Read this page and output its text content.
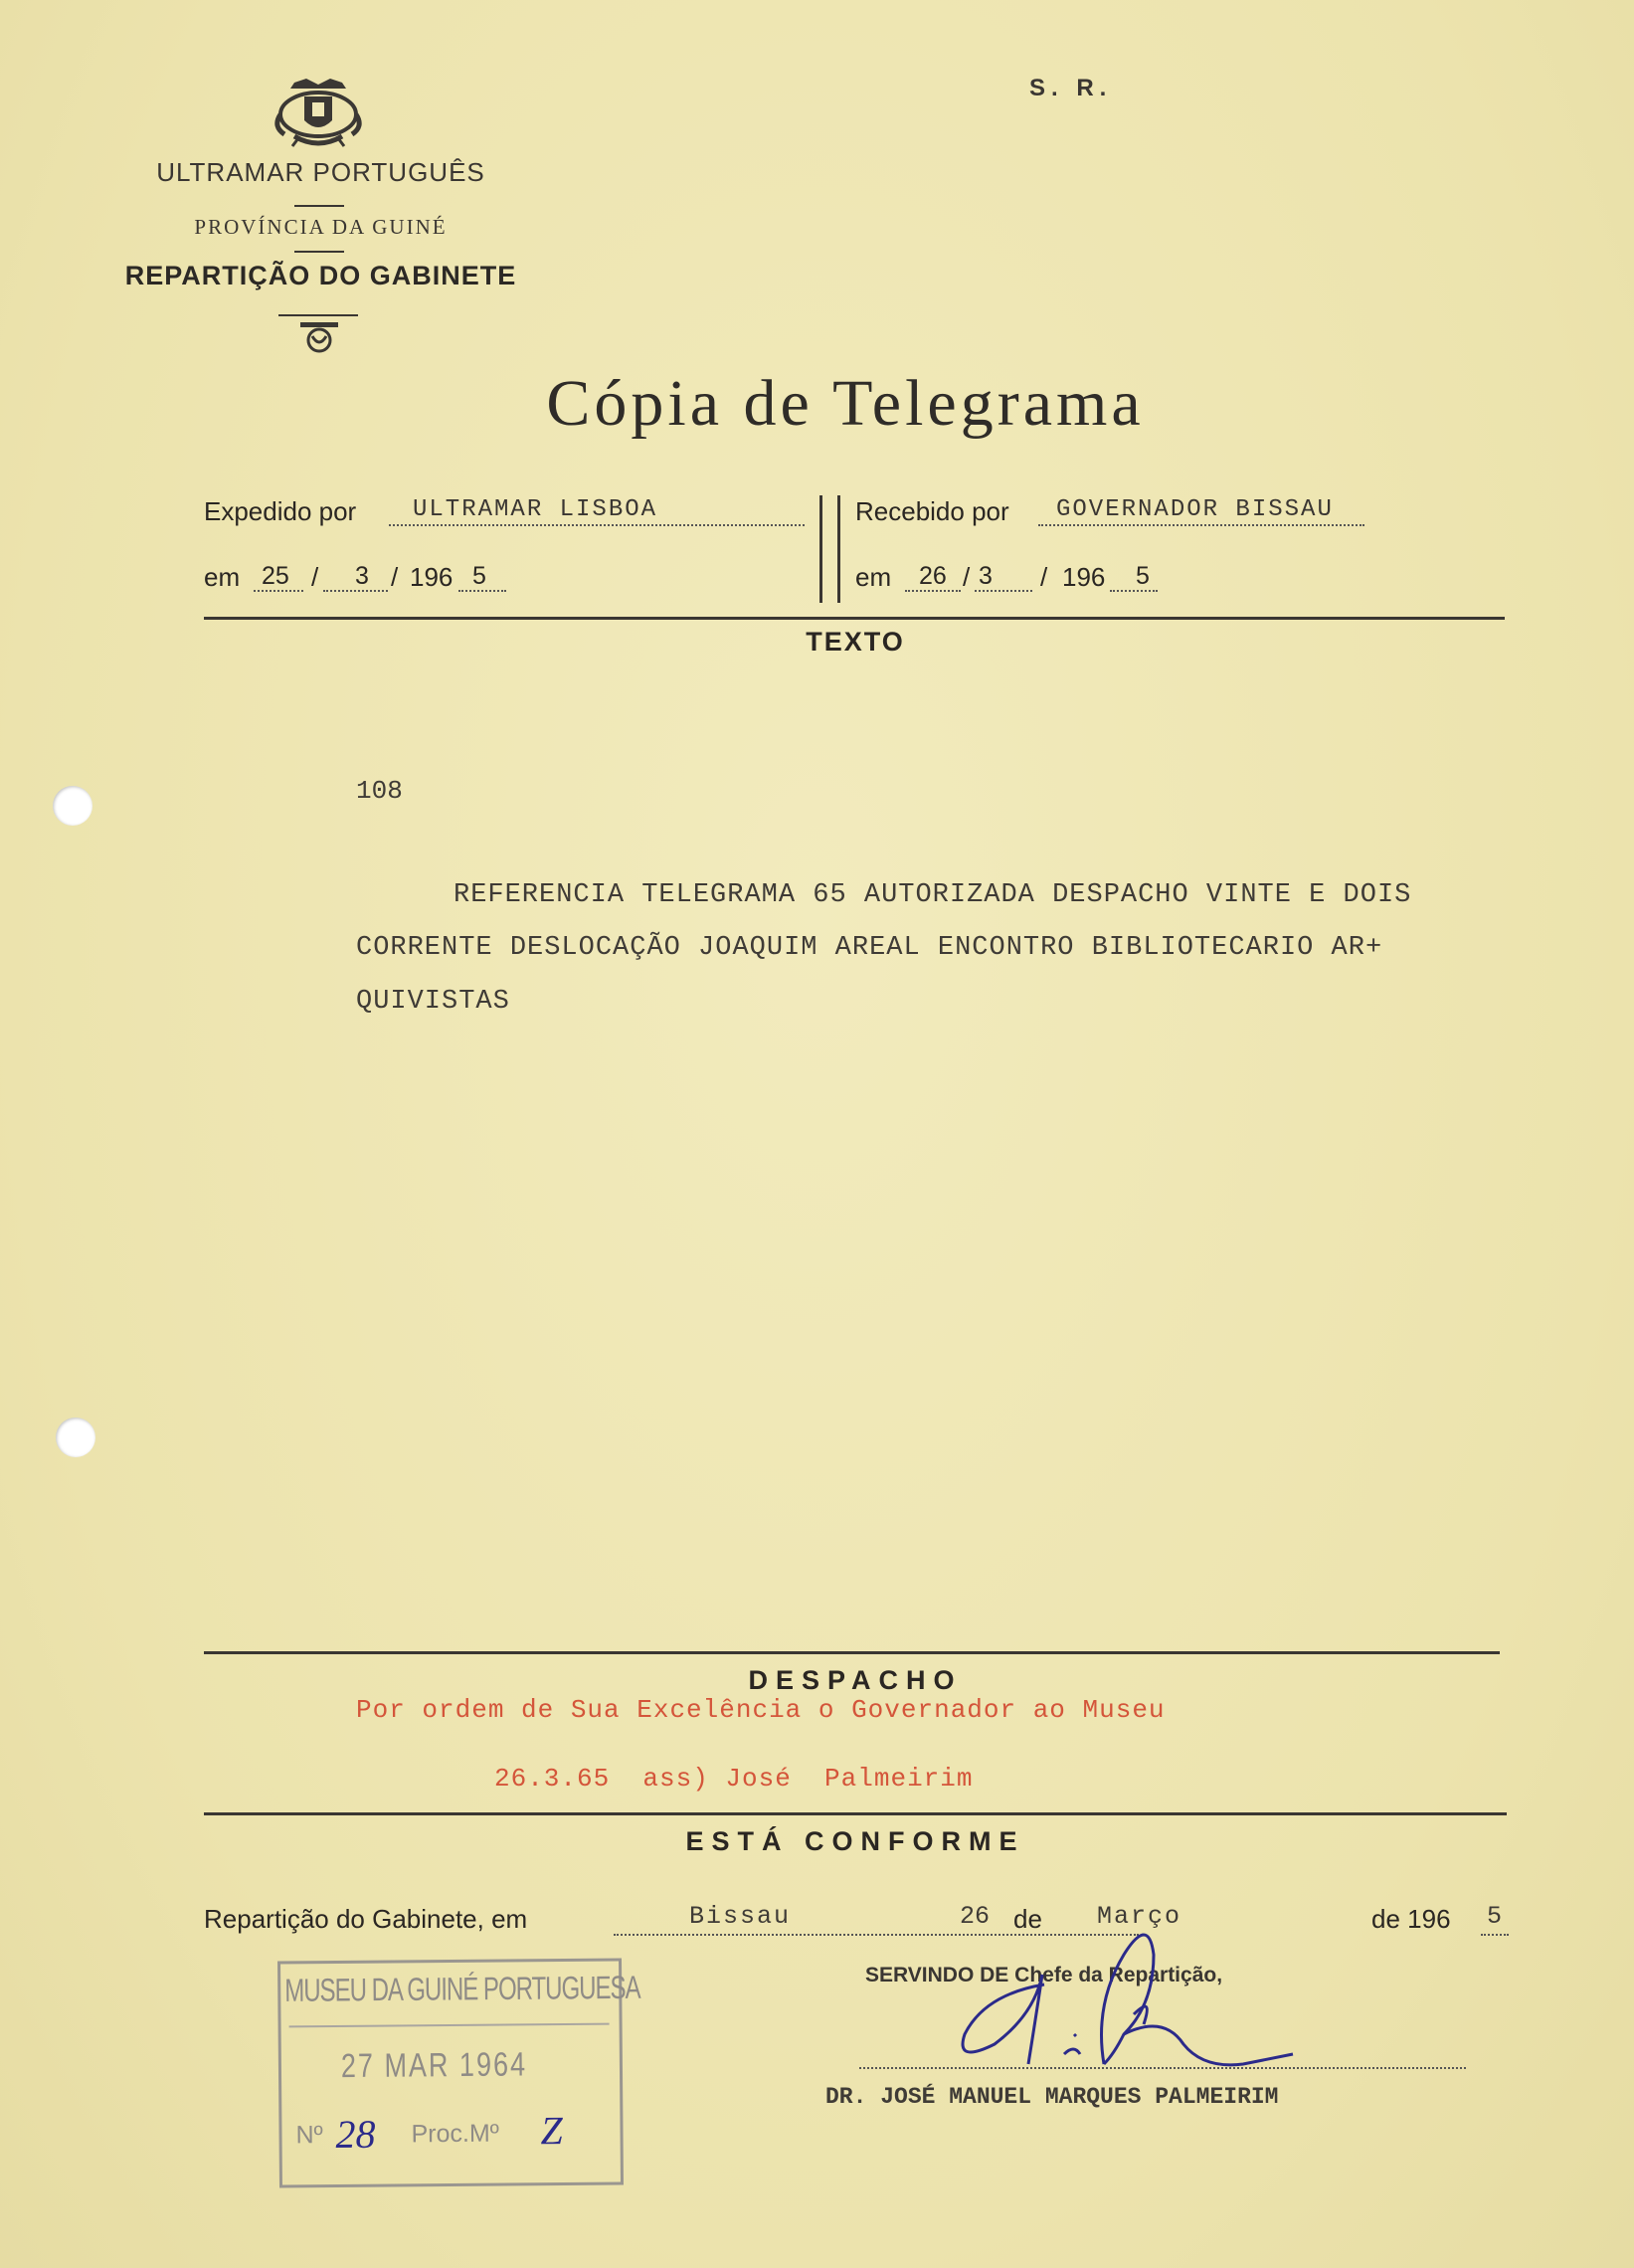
S. R.
ULTRAMAR PORTUGUÊS
PROVÍNCIA DA GUINÉ
REPARTIÇÃO DO GABINETE
Cópia de Telegrama
Expedido por ULTRAMAR LISBOA
em 25 / 3 / 196 5
Recebido por GOVERNADOR BISSAU
em 26 / 3 / 196 5
TEXTO
108
REFERENCIA TELEGRAMA 65 AUTORIZADA DESPACHO VINTE E DOIS
CORRENTE DESLOCAÇÃO JOAQUIM AREAL ENCONTRO BIBLIOTECARIO AR+
QUIVISTAS
DESPACHO
Por ordem de Sua Excelência o Governador ao Museu
26.3.65  ass) José  Palmeirim
ESTÁ CONFORME
Repartição do Gabinete, em	Bissau	26 de Março	de 196 5
SERVINDO DE Chefe da Repartição,
DR. JOSÉ MANUEL MARQUES PALMEIRIM
MUSEU DA GUINÉ PORTUGUESA
27 MAR 1964
Nº 28 Proc.Mº Z
